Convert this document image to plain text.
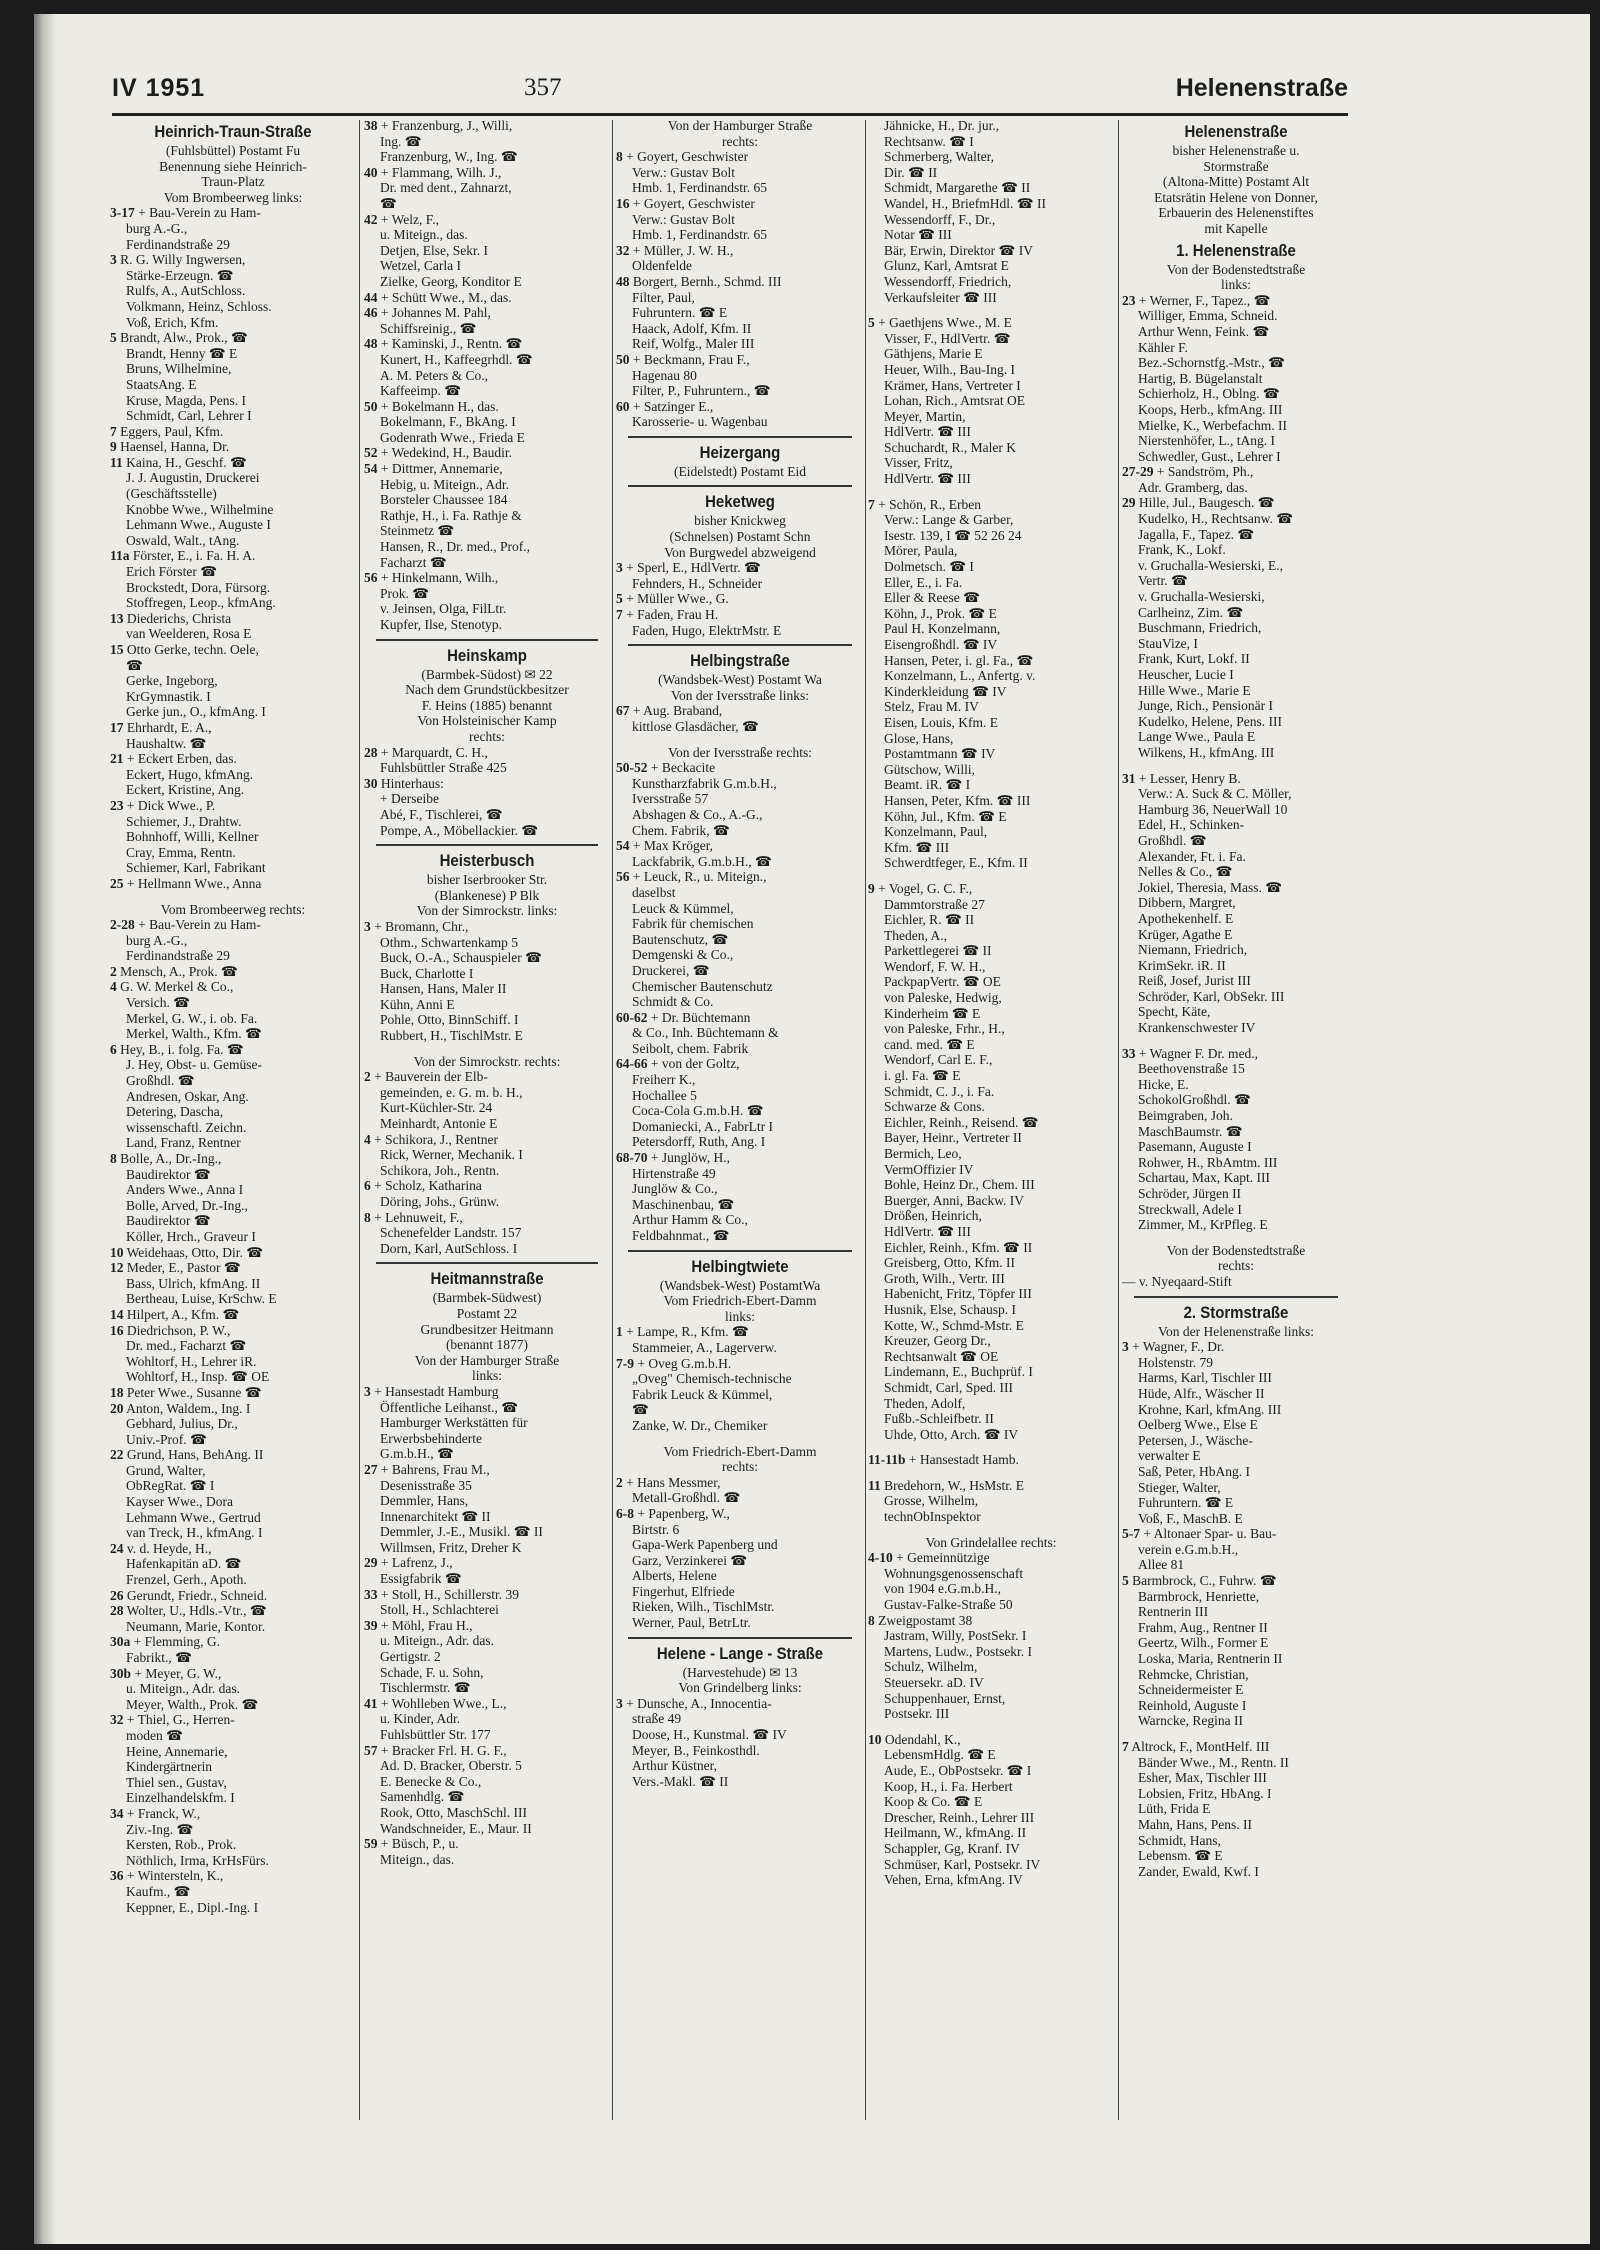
IV 1951	357	Helenenstraße
Heinrich-Traun-Straße
(Fuhlsbüttel) Postamt Fu
Benennung siehe Heinrich-
Traun-Platz
Vom Brombeerweg links:
3-17 + Bau-Verein zu Ham-
burg A.-G.,
Ferdinandstraße 29
3 R. G. Willy Ingwersen,
Stärke-Erzeugn. ☎
Rulfs, A., AutSchloss.
Volkmann, Heinz, Schloss.
Voß, Erich, Kfm.
5 Brandt, Alw., Prok., ☎
Brandt, Henny ☎ E
Bruns, Wilhelmine,
StaatsAng. E
Kruse, Magda, Pens. I
Schmidt, Carl, Lehrer I
7 Eggers, Paul, Kfm.
9 Haensel, Hanna, Dr.
11 Kaina, H., Geschf. ☎
J. J. Augustin, Druckerei
(Geschäftsstelle)
Knobbe Wwe., Wilhelmine
Lehmann Wwe., Auguste I
Oswald, Walt., tAng.
11a Förster, E., i. Fa. H. A.
Erich Förster ☎
Brockstedt, Dora, Fürsorg.
Stoffregen, Leop., kfmAng.
13 Diederichs, Christa
van Weelderen, Rosa E
15 Otto Gerke, techn. Oele,
☎
Gerke, Ingeborg,
KrGymnastik. I
Gerke jun., O., kfmAng. I
17 Ehrhardt, E. A.,
Haushaltw. ☎
21 + Eckert Erben, das.
Eckert, Hugo, kfmAng.
Eckert, Kristine, Ang.
23 + Dick Wwe., P.
Schiemer, J., Drahtw.
Bohnhoff, Willi, Kellner
Cray, Emma, Rentn.
Schiemer, Karl, Fabrikant
25 + Hellmann Wwe., Anna
Vom Brombeerweg rechts:
2-28 + Bau-Verein zu Ham-
burg A.-G.,
Ferdinandstraße 29
2 Mensch, A., Prok. ☎
4 G. W. Merkel & Co.,
Versich. ☎
Merkel, G. W., i. ob. Fa.
Merkel, Walth., Kfm. ☎
6 Hey, B., i. folg. Fa. ☎
J. Hey, Obst- u. Gemüse-
Großhdl. ☎
Andresen, Oskar, Ang.
Detering, Dascha,
wissenschaftl. Zeichn.
Land, Franz, Rentner
8 Bolle, A., Dr.-Ing.,
Baudirektor ☎
Anders Wwe., Anna I
Bolle, Arved, Dr.-Ing.,
Baudirektor ☎
Köller, Hrch., Graveur I
10 Weidehaas, Otto, Dir. ☎
12 Meder, E., Pastor ☎
Bass, Ulrich, kfmAng. II
Bertheau, Luise, KrSchw. E
14 Hilpert, A., Kfm. ☎
16 Diedrichson, P. W.,
Dr. med., Facharzt ☎
Wohltorf, H., Lehrer iR.
Wohltorf, H., Insp. ☎ OE
18 Peter Wwe., Susanne ☎
20 Anton, Waldem., Ing. I
Gebhard, Julius, Dr.,
Univ.-Prof. ☎
22 Grund, Hans, BehAng. II
Grund, Walter,
ObRegRat. ☎ I
Kayser Wwe., Dora
Lehmann Wwe., Gertrud
van Treck, H., kfmAng. I
24 v. d. Heyde, H.,
Hafenkapitän aD. ☎
Frenzel, Gerh., Apoth.
26 Gerundt, Friedr., Schneid.
28 Wolter, U., Hdls.-Vtr., ☎
Neumann, Marie, Kontor.
30a + Flemming, G.
Fabrikt., ☎
30b + Meyer, G. W.,
u. Miteign., Adr. das.
Meyer, Walth., Prok. ☎
32 + Thiel, G., Herren-
moden ☎
Heine, Annemarie,
Kindergärtnerin
Thiel sen., Gustav,
Einzelhandelskfm. I
34 + Franck, W.,
Ziv.-Ing. ☎
Kersten, Rob., Prok.
Nöthlich, Irma, KrHsFürs.
36 + Wintersteln, K.,
Kaufm., ☎
Keppner, E., Dipl.-Ing. I
38 + Franzenburg, J., Willi,
Ing. ☎
Franzenburg, W., Ing. ☎
40 + Flammang, Wilh. J.,
Dr. med dent., Zahnarzt,
☎
42 + Welz, F.,
u. Miteign., das.
Detjen, Else, Sekr. I
Wetzel, Carla I
Zielke, Georg, Konditor E
44 + Schütt Wwe., M., das.
46 + Johannes M. Pahl,
Schiffsreinig., ☎
48 + Kaminski, J., Rentn. ☎
Kunert, H., Kaffeegrhdl. ☎
A. M. Peters & Co.,
Kaffeeimp. ☎
50 + Bokelmann H., das.
Bokelmann, F., BkAng. I
Godenrath Wwe., Frieda E
52 + Wedekind, H., Baudir.
54 + Dittmer, Annemarie,
Hebig, u. Miteign., Adr.
Borsteler Chaussee 184
Rathje, H., i. Fa. Rathje &
Steinmetz ☎
Hansen, R., Dr. med., Prof.,
Facharzt ☎
56 + Hinkelmann, Wilh.,
Prok. ☎
v. Jeinsen, Olga, FilLtr.
Kupfer, Ilse, Stenotyp.
Heinskamp
(Barmbek-Südost) ✉ 22
Nach dem Grundstückbesitzer
F. Heins (1885) benannt
Von Holsteinischer Kamp
rechts:
28 + Marquardt, C. H.,
Fuhlsbüttler Straße 425
30 Hinterhaus:
+ Derseibe
Abé, F., Tischlerei, ☎
Pompe, A., Möbellackier. ☎
Heisterbusch
bisher Iserbrooker Str.
(Blankenese) P Blk
Von der Simrockstr. links:
3 + Bromann, Chr.,
Othm., Schwartenkamp 5
Buck, O.-A., Schauspieler ☎
Buck, Charlotte I
Hansen, Hans, Maler II
Kühn, Anni E
Pohle, Otto, BinnSchiff. I
Rubbert, H., TischlMstr. E
Von der Simrockstr. rechts:
2 + Bauverein der Elb-
gemeinden, e. G. m. b. H.,
Kurt-Küchler-Str. 24
Meinhardt, Antonie E
4 + Schikora, J., Rentner
Rick, Werner, Mechanik. I
Schikora, Joh., Rentn.
6 + Scholz, Katharina
Döring, Johs., Grünw.
8 + Lehnuweit, F.,
Schenefelder Landstr. 157
Dorn, Karl, AutSchloss. I
Heitmannstraße
(Barmbek-Südwest)
Postamt 22
Grundbesitzer Heitmann
(benannt 1877)
Von der Hamburger Straße
links:
3 + Hansestadt Hamburg
Öffentliche Leihanst., ☎
Hamburger Werkstätten für
Erwerbsbehinderte
G.m.b.H., ☎
27 + Bahrens, Frau M.,
Desenisstraße 35
Demmler, Hans,
Innenarchitekt ☎ II
Demmler, J.-E., Musikl. ☎ II
Willmsen, Fritz, Dreher K
29 + Lafrenz, J.,
Essigfabrik ☎
33 + Stoll, H., Schillerstr. 39
Stoll, H., Schlachterei
39 + Möhl, Frau H.,
u. Miteign., Adr. das.
Gertigstr. 2
Schade, F. u. Sohn,
Tischlermstr. ☎
41 + Wohlleben Wwe., L.,
u. Kinder, Adr.
Fuhlsbüttler Str. 177
57 + Bracker Frl. H. G. F.,
Ad. D. Bracker, Oberstr. 5
E. Benecke & Co.,
Samenhdlg. ☎
Rook, Otto, MaschSchl. III
Wandschneider, E., Maur. II
59 + Büsch, P., u.
Miteign., das.
Von der Hamburger Straße
rechts:
8 + Goyert, Geschwister
Verw.: Gustav Bolt
Hmb. 1, Ferdinandstr. 65
16 + Goyert, Geschwister
Verw.: Gustav Bolt
Hmb. 1, Ferdinandstr. 65
32 + Müller, J. W. H.,
Oldenfelde
48 Borgert, Bernh., Schmd. III
Filter, Paul,
Fuhruntern. ☎ E
Haack, Adolf, Kfm. II
Reif, Wolfg., Maler III
50 + Beckmann, Frau F.,
Hagenau 80
Filter, P., Fuhruntern., ☎
60 + Satzinger E.,
Karosserie- u. Wagenbau
Heizergang
(Eidelstedt) Postamt Eid
Heketweg
bisher Knickweg
(Schnelsen) Postamt Schn
Von Burgwedel abzweigend
3 + Sperl, E., HdlVertr. ☎
Fehnders, H., Schneider
5 + Müller Wwe., G.
7 + Faden, Frau H.
Faden, Hugo, ElektrMstr. E
Helbingstraße
(Wandsbek-West) Postamt Wa
Von der Iversstraße links:
67 + Aug. Braband,
kittlose Glasdächer, ☎
Von der Iversstraße rechts:
50-52 + Beckacite
Kunstharzfabrik G.m.b.H.,
Iversstraße 57
Abshagen & Co., A.-G.,
Chem. Fabrik, ☎
54 + Max Kröger,
Lackfabrik, G.m.b.H., ☎
56 + Leuck, R., u. Miteign.,
daselbst
Leuck & Kümmel,
Fabrik für chemischen
Bautenschutz, ☎
Demgenski & Co.,
Druckerei, ☎
Chemischer Bautenschutz
Schmidt & Co.
60-62 + Dr. Büchtemann
& Co., Inh. Büchtemann &
Seibolt, chem. Fabrik
64-66 + von der Goltz,
Freiherr K.,
Hochallee 5
Coca-Cola G.m.b.H. ☎
Domaniecki, A., FabrLtr I
Petersdorff, Ruth, Ang. I
68-70 + Junglöw, H.,
Hirtenstraße 49
Junglöw & Co.,
Maschinenbau, ☎
Arthur Hamm & Co.,
Feldbahnmat., ☎
Helbingtwiete
(Wandsbek-West) PostamtWa
Vom Friedrich-Ebert-Damm
links:
1 + Lampe, R., Kfm. ☎
Stammeier, A., Lagerverw.
7-9 + Oveg G.m.b.H.
„Oveg" Chemisch-technische
Fabrik Leuck & Kümmel,
☎
Zanke, W. Dr., Chemiker
Vom Friedrich-Ebert-Damm
rechts:
2 + Hans Messmer,
Metall-Großhdl. ☎
6-8 + Papenberg, W.,
Birtstr. 6
Gapa-Werk Papenberg und
Garz, Verzinkerei ☎
Alberts, Helene
Fingerhut, Elfriede
Rieken, Wilh., TischlMstr.
Werner, Paul, BetrLtr.
Helene - Lange - Straße
(Harvestehude) ✉ 13
Von Grindelberg links:
3 + Dunsche, A., Innocentia-
straße 49
Doose, H., Kunstmal. ☎ IV
Meyer, B., Feinkosthdl.
Arthur Küstner,
Vers.-Makl. ☎ II
Jähnicke, H., Dr. jur.,
Rechtsanw. ☎ I
Schmerberg, Walter,
Dir. ☎ II
Schmidt, Margarethe ☎ II
Wandel, H., BriefmHdl. ☎ II
Wessendorff, F., Dr.,
Notar ☎ III
Bär, Erwin, Direktor ☎ IV
Glunz, Karl, Amtsrat E
Wessendorff, Friedrich,
Verkaufsleiter ☎ III
5 + Gaethjens Wwe., M. E
Visser, F., HdlVertr. ☎
Gäthjens, Marie E
Heuer, Wilh., Bau-Ing. I
Krämer, Hans, Vertreter I
Lohan, Rich., Amtsrat OE
Meyer, Martin,
HdlVertr. ☎ III
Schuchardt, R., Maler K
Visser, Fritz,
HdlVertr. ☎ III
7 + Schön, R., Erben
Verw.: Lange & Garber,
Isestr. 139, I ☎ 52 26 24
Mörer, Paula,
Dolmetsch. ☎ I
Eller, E., i. Fa.
Eller & Reese ☎
Köhn, J., Prok. ☎ E
Paul H. Konzelmann,
Eisengroßhdl. ☎ IV
Hansen, Peter, i. gl. Fa., ☎
Konzelmann, L., Anfertg. v.
Kinderkleidung ☎ IV
Stelz, Frau M. IV
Eisen, Louis, Kfm. E
Glose, Hans,
Postamtmann ☎ IV
Gütschow, Willi,
Beamt. iR. ☎ I
Hansen, Peter, Kfm. ☎ III
Köhn, Jul., Kfm. ☎ E
Konzelmann, Paul,
Kfm. ☎ III
Schwerdtfeger, E., Kfm. II
9 + Vogel, G. C. F.,
Dammtorstraße 27
Eichler, R. ☎ II
Theden, A.,
Parkettlegerei ☎ II
Wendorf, F. W. H.,
PackpapVertr. ☎ OE
von Paleske, Hedwig,
Kinderheim ☎ E
von Paleske, Frhr., H.,
cand. med. ☎ E
Wendorf, Carl E. F.,
i. gl. Fa. ☎ E
Schmidt, C. J., i. Fa.
Schwarze & Cons.
Eichler, Reinh., Reisend. ☎
Bayer, Heinr., Vertreter II
Bermich, Leo,
VermOffizier IV
Bohle, Heinz Dr., Chem. III
Buerger, Anni, Backw. IV
Drößen, Heinrich,
HdlVertr. ☎ III
Eichler, Reinh., Kfm. ☎ II
Greisberg, Otto, Kfm. II
Groth, Wilh., Vertr. III
Habenicht, Fritz, Töpfer III
Husnik, Else, Schausp. I
Kotte, W., Schmd-Mstr. E
Kreuzer, Georg Dr.,
Rechtsanwalt ☎ OE
Lindemann, E., Buchprüf. I
Schmidt, Carl, Sped. III
Theden, Adolf,
Fußb.-Schleifbetr. II
Uhde, Otto, Arch. ☎ IV
11-11b + Hansestadt Hamb.
11 Bredehorn, W., HsMstr. E
Grosse, Wilhelm,
technObInspektor
Von Grindelallee rechts:
4-10 + Gemeinnützige
Wohnungsgenossenschaft
von 1904 e.G.m.b.H.,
Gustav-Falke-Straße 50
8 Zweigpostamt 38
Jastram, Willy, PostSekr. I
Martens, Ludw., Postsekr. I
Schulz, Wilhelm,
Steuersekr. aD. IV
Schuppenhauer, Ernst,
Postsekr. III
10 Odendahl, K.,
LebensmHdlg. ☎ E
Aude, E., ObPostsekr. ☎ I
Koop, H., i. Fa. Herbert
Koop & Co. ☎ E
Drescher, Reinh., Lehrer III
Heilmann, W., kfmAng. II
Schappler, Gg, Kranf. IV
Schmüser, Karl, Postsekr. IV
Vehen, Erna, kfmAng. IV
Helenenstraße
bisher Helenenstraße u.
Stormstraße
(Altona-Mitte) Postamt Alt
Etatsrätin Helene von Donner,
Erbauerin des Helenenstiftes
mit Kapelle
1. Helenenstraße
Von der Bodenstedtstraße
links:
23 + Werner, F., Tapez., ☎
Williger, Emma, Schneid.
Arthur Wenn, Feink. ☎
Kähler F.
Bez.-Schornstfg.-Mstr., ☎
Hartig, B. Bügelanstalt
Schierholz, H., Oblng. ☎
Koops, Herb., kfmAng. III
Mielke, K., Werbefachm. II
Nierstenhöfer, L., tAng. I
Schwedler, Gust., Lehrer I
27-29 + Sandström, Ph.,
Adr. Gramberg, das.
29 Hille, Jul., Baugesch. ☎
Kudelko, H., Rechtsanw. ☎
Jagalla, F., Tapez. ☎
Frank, K., Lokf.
v. Gruchalla-Wesierski, E.,
Vertr. ☎
v. Gruchalla-Wesierski,
Carlheinz, Zim. ☎
Buschmann, Friedrich,
StauVize, I
Frank, Kurt, Lokf. II
Heuscher, Lucie I
Hille Wwe., Marie E
Junge, Rich., Pensionär I
Kudelko, Helene, Pens. III
Lange Wwe., Paula E
Wilkens, H., kfmAng. III
31 + Lesser, Henry B.
Verw.: A. Suck & C. Möller,
Hamburg 36, NeuerWall 10
Edel, H., Schinken-
Großhdl. ☎
Alexander, Ft. i. Fa.
Nelles & Co., ☎
Jokiel, Theresia, Mass. ☎
Dibbern, Margret,
Apothekenhelf. E
Krüger, Agathe E
Niemann, Friedrich,
KrimSekr. iR. II
Reiß, Josef, Jurist III
Schröder, Karl, ObSekr. III
Specht, Käte,
Krankenschwester IV
33 + Wagner F. Dr. med.,
Beethovenstraße 15
Hicke, E.
SchokolGroßhdl. ☎
Beimgraben, Joh.
MaschBaumstr. ☎
Pasemann, Auguste I
Rohwer, H., RbAmtm. III
Schartau, Max, Kapt. III
Schröder, Jürgen II
Streckwall, Adele I
Zimmer, M., KrPfleg. E
Von der Bodenstedtstraße
rechts:
— v. Nyeqaard-Stift
2. Stormstraße
Von der Helenenstraße links:
3 + Wagner, F., Dr.
Holstenstr. 79
Harms, Karl, Tischler III
Hüde, Alfr., Wäscher II
Krohne, Karl, kfmAng. III
Oelberg Wwe., Else E
Petersen, J., Wäsche-
verwalter E
Saß, Peter, HbAng. I
Stieger, Walter,
Fuhruntern. ☎ E
Voß, F., MaschB. E
5-7 + Altonaer Spar- u. Bau-
verein e.G.m.b.H.,
Allee 81
5 Barmbrock, C., Fuhrw. ☎
Barmbrock, Henriette,
Rentnerin III
Frahm, Aug., Rentner II
Geertz, Wilh., Former E
Loska, Maria, Rentnerin II
Rehmcke, Christian,
Schneidermeister E
Reinhold, Auguste I
Warncke, Regina II
7 Altrock, F., MontHelf. III
Bänder Wwe., M., Rentn. II
Esher, Max, Tischler III
Lobsien, Fritz, HbAng. I
Lüth, Frida E
Mahn, Hans, Pens. II
Schmidt, Hans,
Lebensm. ☎ E
Zander, Ewald, Kwf. I
